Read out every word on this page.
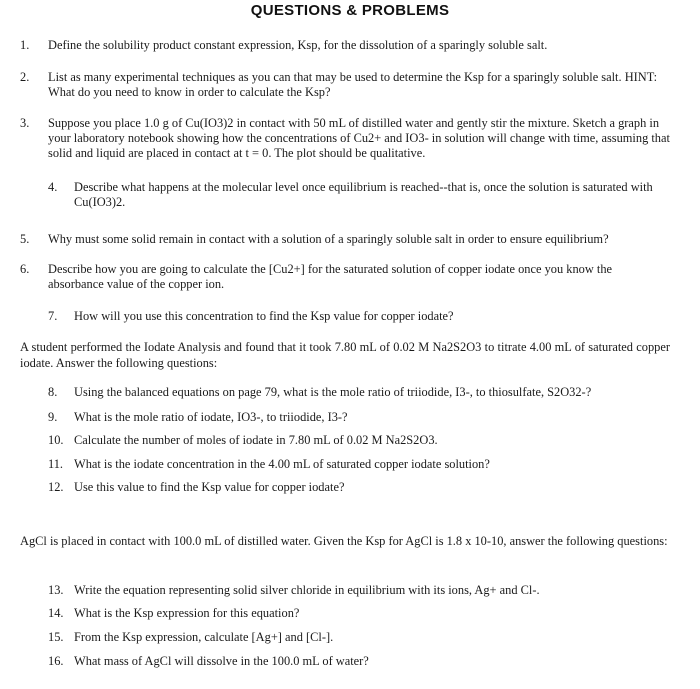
QUESTIONS & PROBLEMS
1. Define the solubility product constant expression, Ksp, for the dissolution of a sparingly soluble salt.
2. List as many experimental techniques as you can that may be used to determine the Ksp for a sparingly soluble salt. HINT: What do you need to know in order to calculate the Ksp?
3. Suppose you place 1.0 g of Cu(IO3)2 in contact with 50 mL of distilled water and gently stir the mixture. Sketch a graph in your laboratory notebook showing how the concentrations of Cu2+ and IO3- in solution will change with time, assuming that solid and liquid are placed in contact at t = 0. The plot should be qualitative.
4. Describe what happens at the molecular level once equilibrium is reached--that is, once the solution is saturated with Cu(IO3)2.
5. Why must some solid remain in contact with a solution of a sparingly soluble salt in order to ensure equilibrium?
6. Describe how you are going to calculate the [Cu2+] for the saturated solution of copper iodate once you know the absorbance value of the copper ion.
7. How will you use this concentration to find the Ksp value for copper iodate?
A student performed the Iodate Analysis and found that it took 7.80 mL of 0.02 M Na2S2O3 to titrate 4.00 mL of saturated copper iodate. Answer the following questions:
8. Using the balanced equations on page 79, what is the mole ratio of triiodide, I3-, to thiosulfate, S2O32-?
9. What is the mole ratio of iodate, IO3-, to triiodide, I3-?
10. Calculate the number of moles of iodate in 7.80 mL of 0.02 M Na2S2O3.
11. What is the iodate concentration in the 4.00 mL of saturated copper iodate solution?
12. Use this value to find the Ksp value for copper iodate?
AgCl is placed in contact with 100.0 mL of distilled water. Given the Ksp for AgCl is 1.8 x 10-10, answer the following questions:
13. Write the equation representing solid silver chloride in equilibrium with its ions, Ag+ and Cl-.
14. What is the Ksp expression for this equation?
15. From the Ksp expression, calculate [Ag+] and [Cl-].
16. What mass of AgCl will dissolve in the 100.0 mL of water?
